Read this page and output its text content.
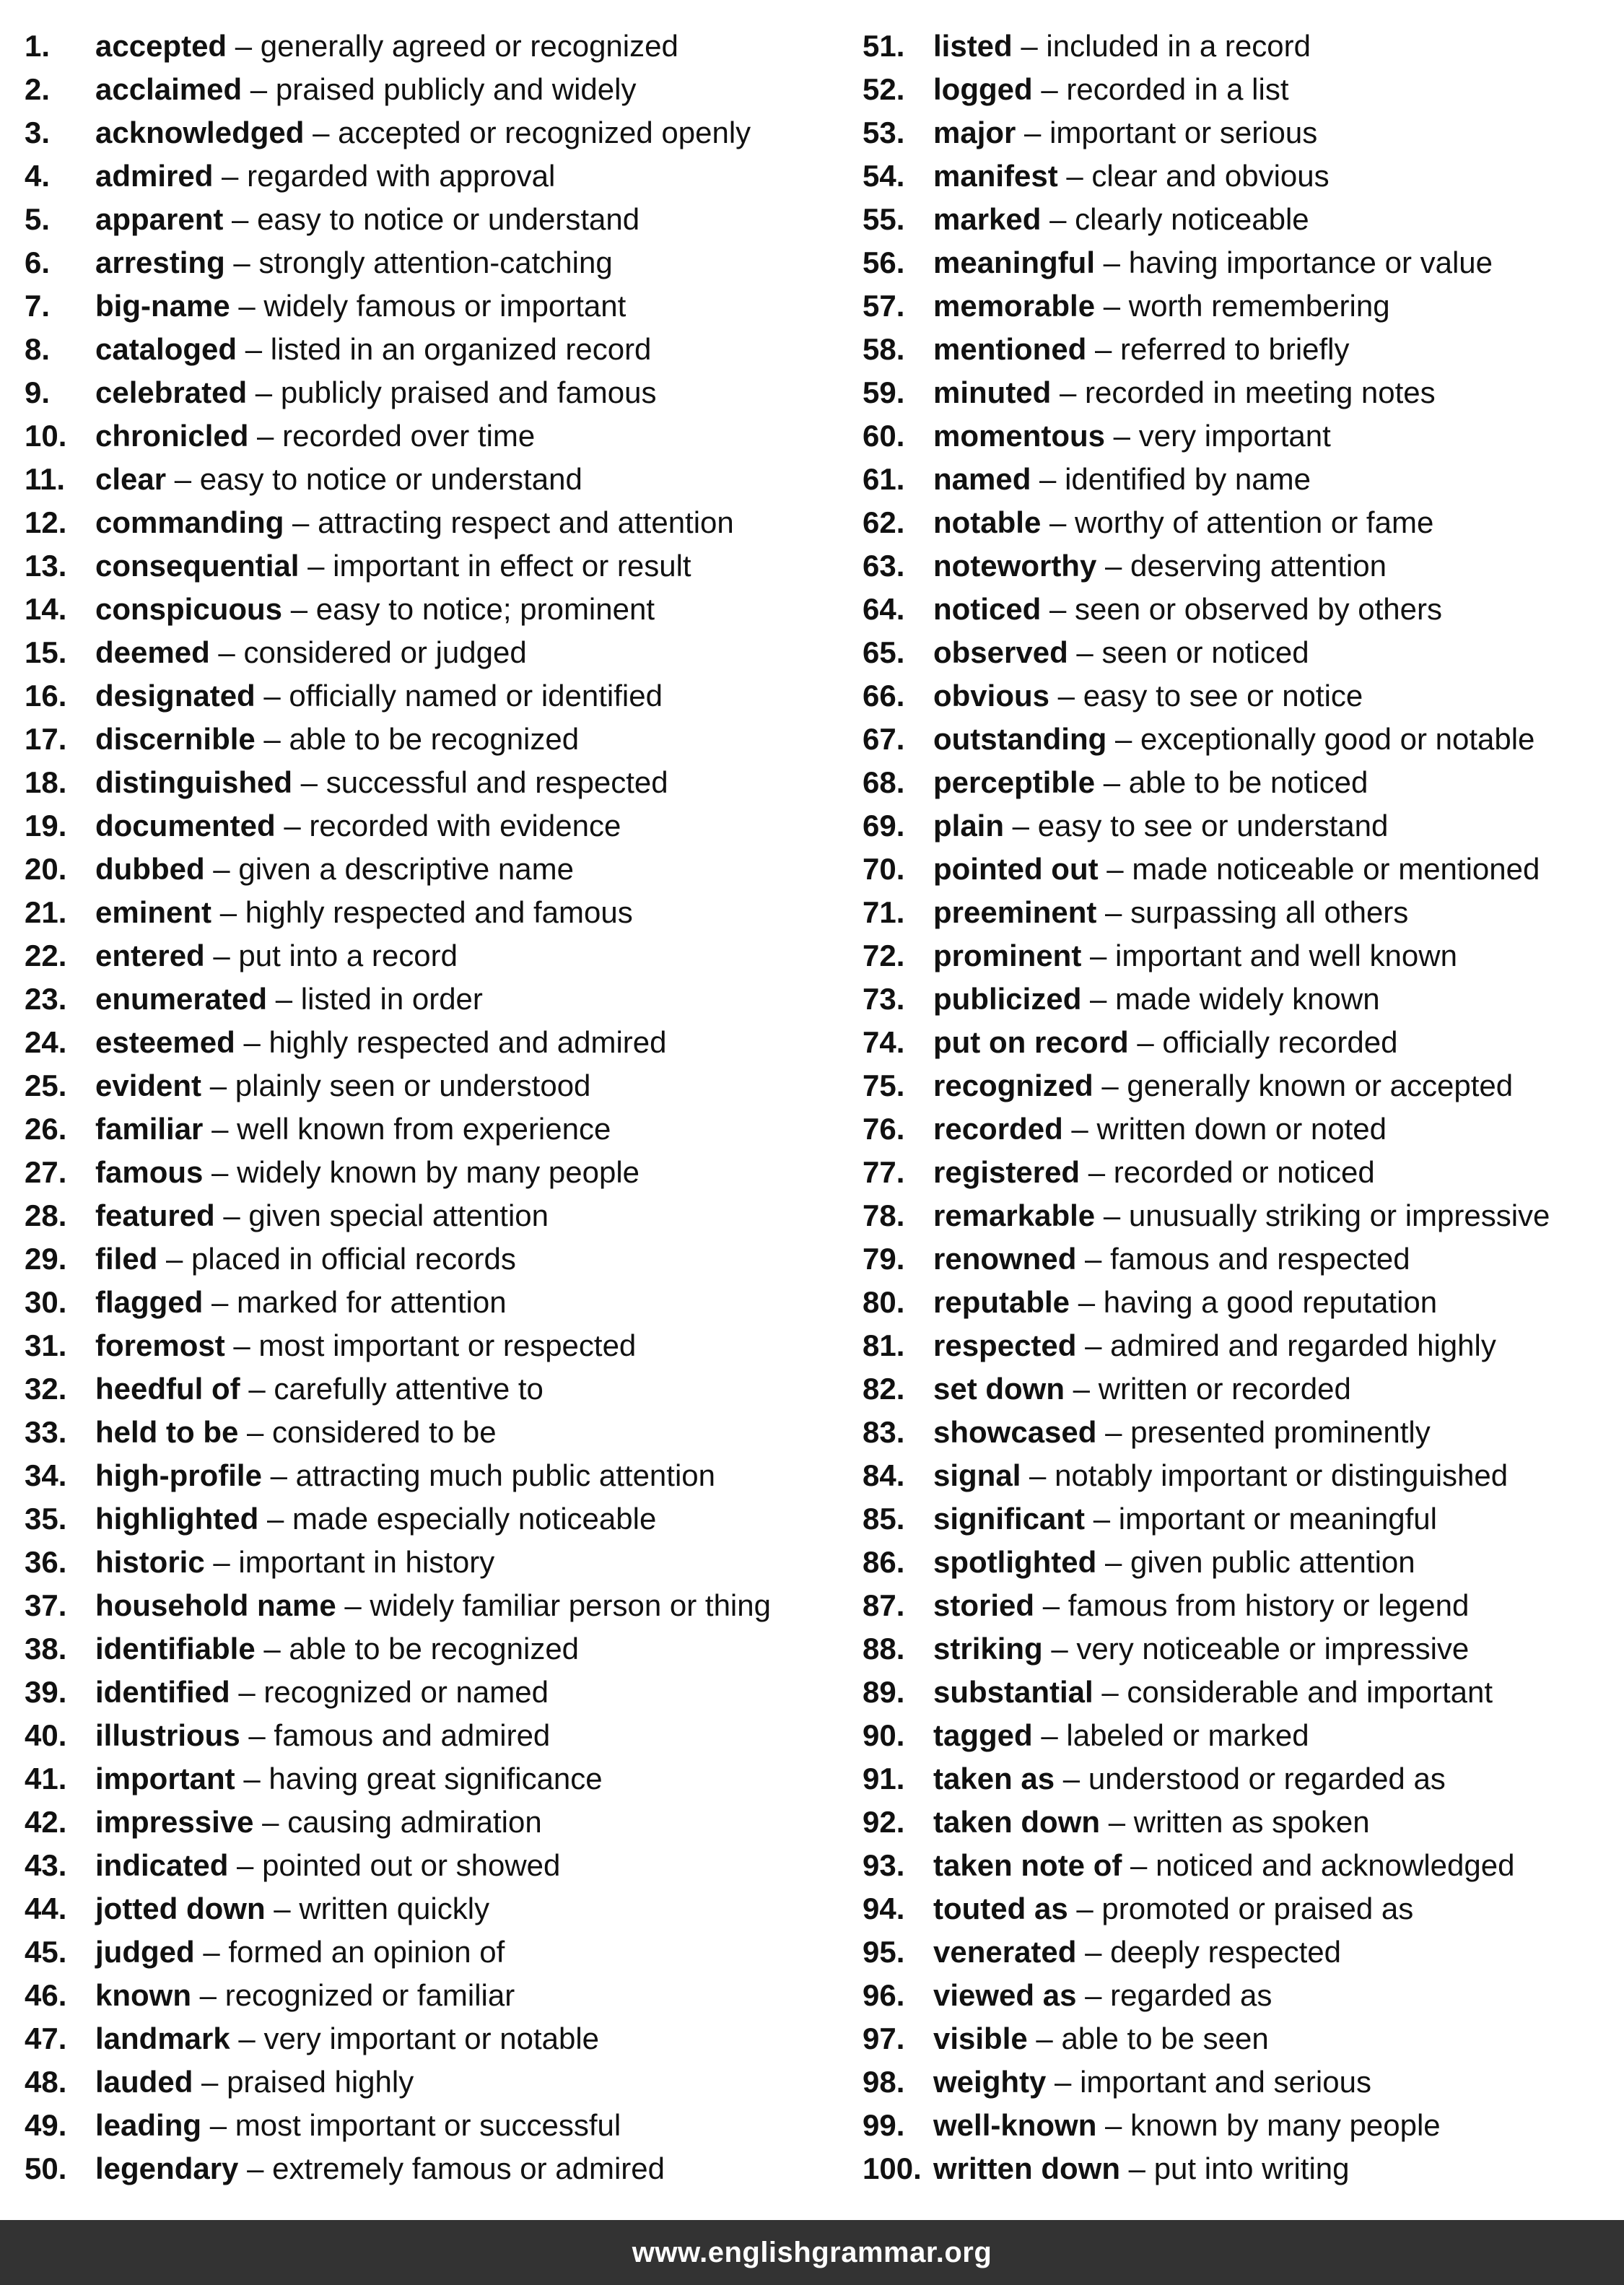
1.	accepted – generally agreed or recognized
2.	acclaimed – praised publicly and widely
3.	acknowledged – accepted or recognized openly
4.	admired – regarded with approval
5.	apparent – easy to notice or understand
6.	arresting – strongly attention-catching
7.	big-name – widely famous or important
8.	cataloged – listed in an organized record
9.	celebrated – publicly praised and famous
10. chronicled – recorded over time
11. clear – easy to notice or understand
12. commanding – attracting respect and attention
13. consequential – important in effect or result
14. conspicuous – easy to notice; prominent
15. deemed – considered or judged
16. designated – officially named or identified
17. discernible – able to be recognized
18. distinguished – successful and respected
19. documented – recorded with evidence
20. dubbed – given a descriptive name
21. eminent – highly respected and famous
22. entered – put into a record
23. enumerated – listed in order
24. esteemed – highly respected and admired
25. evident – plainly seen or understood
26. familiar – well known from experience
27. famous – widely known by many people
28. featured – given special attention
29. filed – placed in official records
30. flagged – marked for attention
31. foremost – most important or respected
32. heedful of – carefully attentive to
33. held to be – considered to be
34. high-profile – attracting much public attention
35. highlighted – made especially noticeable
36. historic – important in history
37. household name – widely familiar person or thing
38. identifiable – able to be recognized
39. identified – recognized or named
40. illustrious – famous and admired
41. important – having great significance
42. impressive – causing admiration
43. indicated – pointed out or showed
44. jotted down – written quickly
45. judged – formed an opinion of
46. known – recognized or familiar
47. landmark – very important or notable
48. lauded – praised highly
49. leading – most important or successful
50. legendary – extremely famous or admired
51. listed – included in a record
52. logged – recorded in a list
53. major – important or serious
54. manifest – clear and obvious
55. marked – clearly noticeable
56. meaningful – having importance or value
57. memorable – worth remembering
58. mentioned – referred to briefly
59. minuted – recorded in meeting notes
60. momentous – very important
61. named – identified by name
62. notable – worthy of attention or fame
63. noteworthy – deserving attention
64. noticed – seen or observed by others
65. observed – seen or noticed
66. obvious – easy to see or notice
67. outstanding – exceptionally good or notable
68. perceptible – able to be noticed
69. plain – easy to see or understand
70. pointed out – made noticeable or mentioned
71. preeminent – surpassing all others
72. prominent – important and well known
73. publicized – made widely known
74. put on record – officially recorded
75. recognized – generally known or accepted
76. recorded – written down or noted
77. registered – recorded or noticed
78. remarkable – unusually striking or impressive
79. renowned – famous and respected
80. reputable – having a good reputation
81. respected – admired and regarded highly
82. set down – written or recorded
83. showcased – presented prominently
84. signal – notably important or distinguished
85. significant – important or meaningful
86. spotlighted – given public attention
87. storied – famous from history or legend
88. striking – very noticeable or impressive
89. substantial – considerable and important
90. tagged – labeled or marked
91. taken as – understood or regarded as
92. taken down – written as spoken
93. taken note of – noticed and acknowledged
94. touted as – promoted or praised as
95. venerated – deeply respected
96. viewed as – regarded as
97. visible – able to be seen
98. weighty – important and serious
99. well-known – known by many people
100. written down – put into writing
www.englishgrammar.org
